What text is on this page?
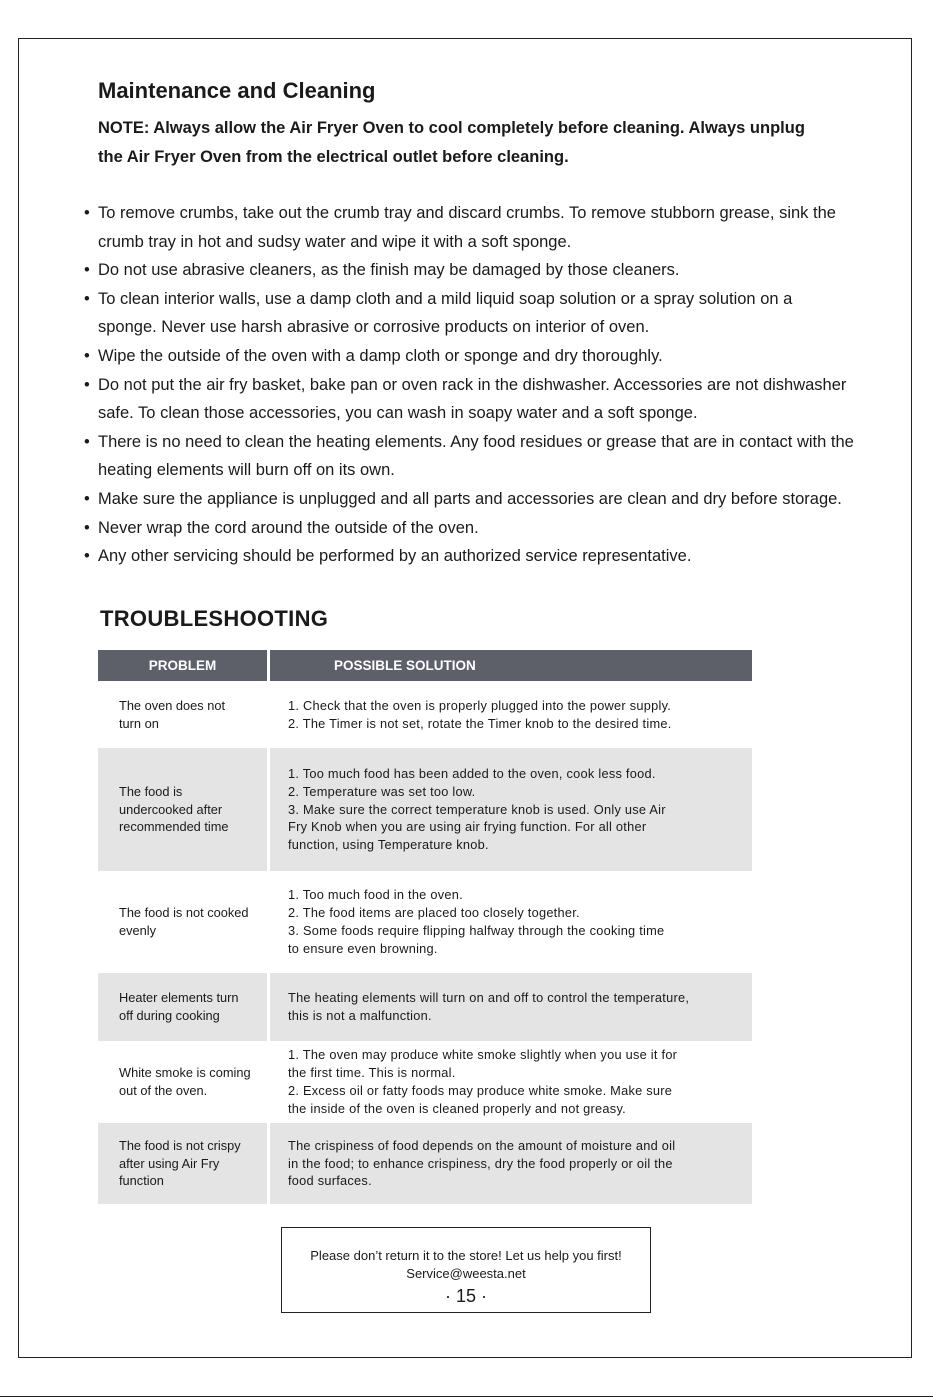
Maintenance and Cleaning

NOTE: Always allow the Air Fryer Oven to cool completely before cleaning. Always unplug the Air Fryer Oven from the electrical outlet before cleaning.

• To remove crumbs, take out the crumb tray and discard crumbs. To remove stubborn grease, sink the crumb tray in hot and sudsy water and wipe it with a soft sponge.
• Do not use abrasive cleaners, as the finish may be damaged by those cleaners.
• To clean interior walls, use a damp cloth and a mild liquid soap solution or a spray solution on a sponge. Never use harsh abrasive or corrosive products on interior of oven.
• Wipe the outside of the oven with a damp cloth or sponge and dry thoroughly.
• Do not put the air fry basket, bake pan or oven rack in the dishwasher. Accessories are not dishwasher safe. To clean those accessories, you can wash in soapy water and a soft sponge.
• There is no need to clean the heating elements. Any food residues or grease that are in contact with the heating elements will burn off on its own.
• Make sure the appliance is unplugged and all parts and accessories are clean and dry before storage.
• Never wrap the cord around the outside of the oven.
• Any other servicing should be performed by an authorized service representative.
TROUBLESHOOTING
PROBLEM	POSSIBLE SOLUTION
The oven does not
turn on
1. Check that the oven is properly plugged into the power supply.
2. The Timer is not set, rotate the Timer knob to the desired time.
The food is
undercooked after
recommended time
1. Too much food has been added to the oven, cook less food.
2. Temperature was set too low.
3. Make sure the correct temperature knob is used. Only use Air
Fry Knob when you are using air frying function. For all other
function, using Temperature knob.
The food is not cooked
evenly
1. Too much food in the oven.
2. The food items are placed too closely together.
3. Some foods require flipping halfway through the cooking time
to ensure even browning.
Heater elements turn
off during cooking
The heating elements will turn on and off to control the temperature,
this is not a malfunction.
White smoke is coming
out of the oven.
1. The oven may produce white smoke slightly when you use it for
the first time. This is normal.
2. Excess oil or fatty foods may produce white smoke. Make sure
the inside of the oven is cleaned properly and not greasy.
The food is not crispy
after using Air Fry
function
The crispiness of food depends on the amount of moisture and oil
in the food; to enhance crispiness, dry the food properly or oil the
food surfaces.
Please don’t return it to the store! Let us help you first!
Service@weesta.net
· 15 ·
